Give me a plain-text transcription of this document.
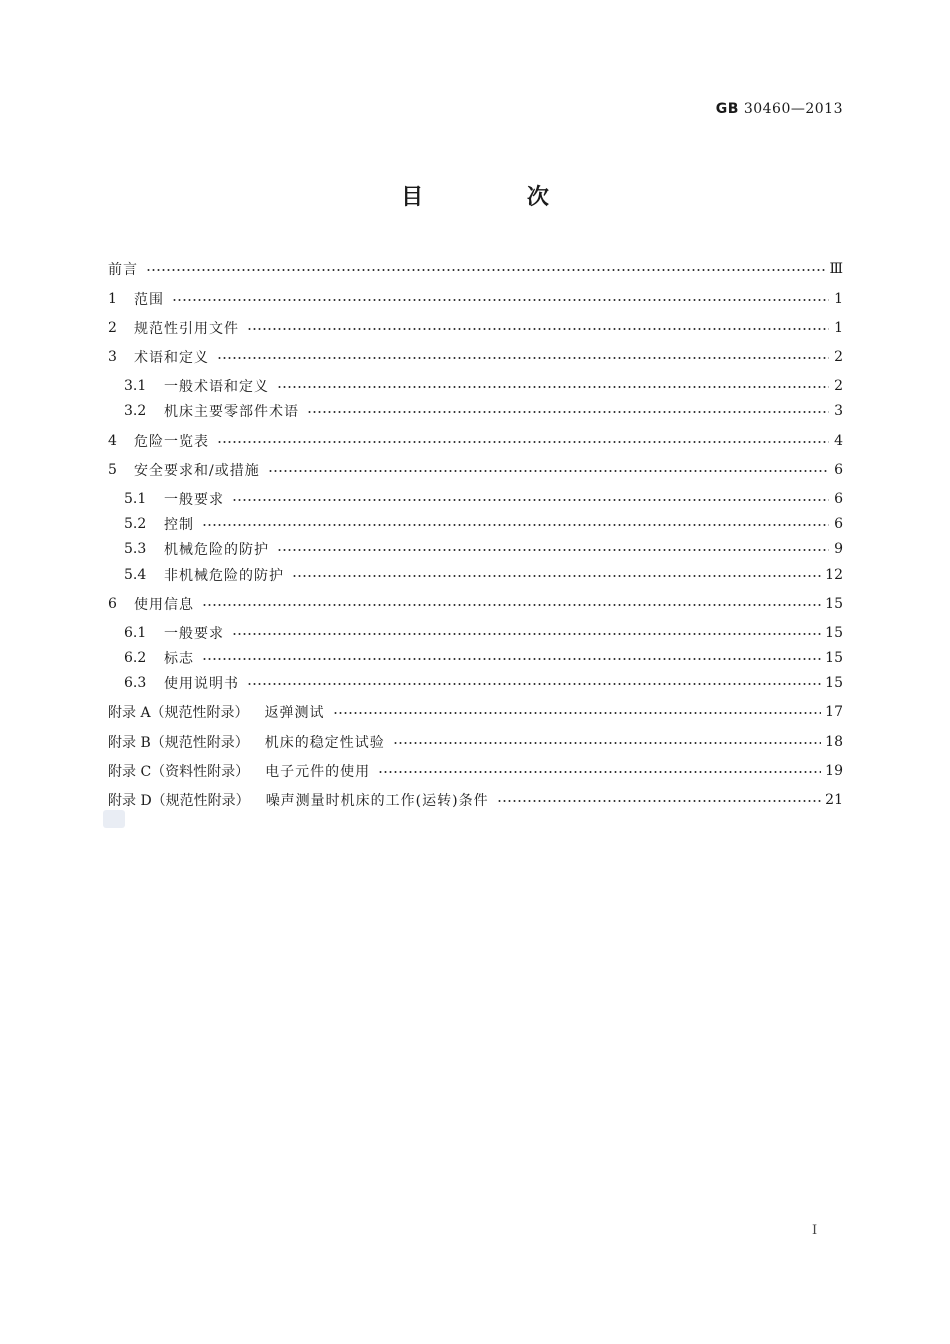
GB 30460—2013
目 次
前言	Ⅲ
1	范围	1
2	规范性引用文件	1
3	术语和定义	2
3.1	一般术语和定义	2
3.2	机床主要零部件术语	3
4	危险一览表	4
5	安全要求和/或措施	6
5.1	一般要求	6
5.2	控制	6
5.3	机械危险的防护	9
5.4	非机械危险的防护	12
6	使用信息	15
6.1	一般要求	15
6.2	标志	15
6.3	使用说明书	15
附录 A（规范性附录） 返弹测试	17
附录 B（规范性附录） 机床的稳定性试验	18
附录 C（资料性附录） 电子元件的使用	19
附录 D（规范性附录） 噪声测量时机床的工作(运转)条件	21
I
